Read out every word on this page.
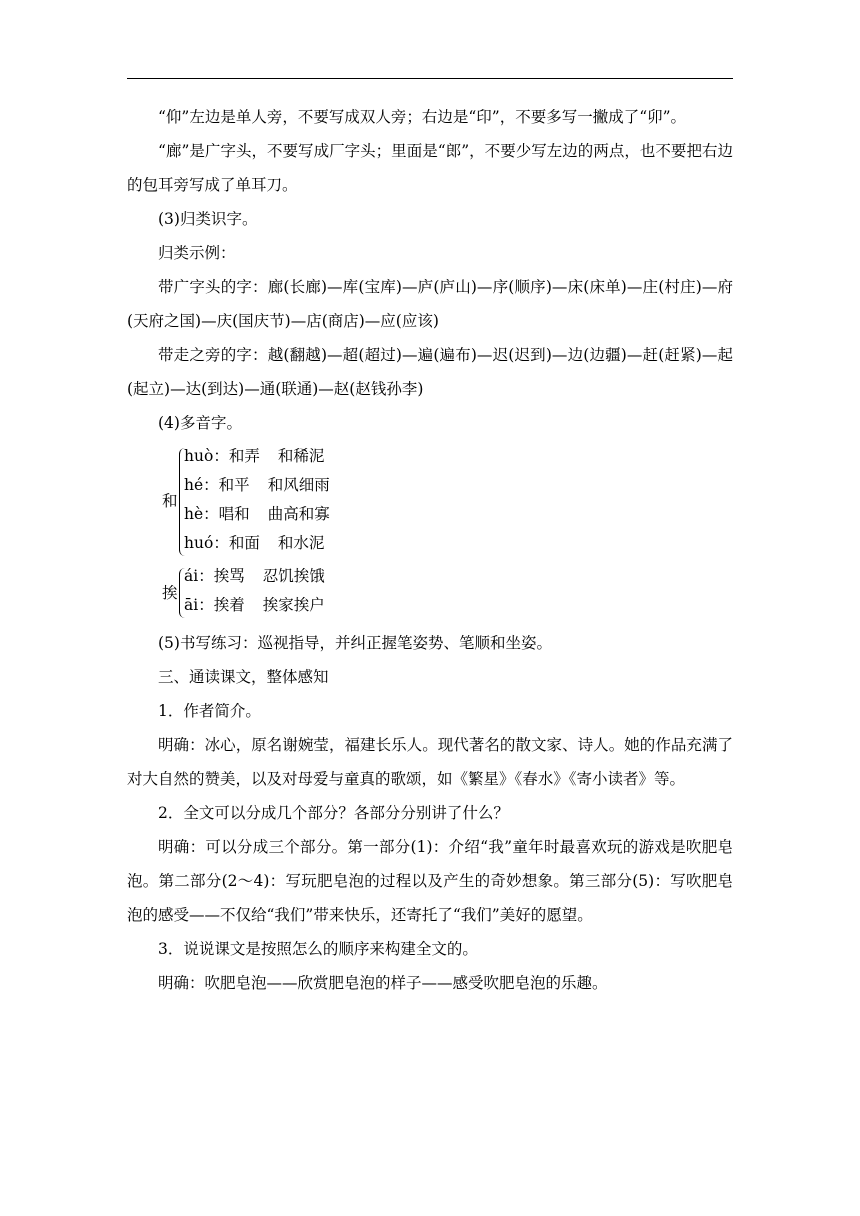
“仰”左边是单人旁，不要写成双人旁；右边是“印”，不要多写一撇成了“卯”。

“廊”是广字头，不要写成厂字头；里面是“郎”，不要少写左边的两点，也不要把右边的包耳旁写成了单耳刀。

(3)归类识字。

归类示例：

带广字头的字：廊(长廊)—库(宝库)—庐(庐山)—序(顺序)—床(床单)—庄(村庄)—府(天府之国)—庆(国庆节)—店(商店)—应(应该)

带走之旁的字：越(翻越)—超(超过)—遍(遍布)—迟(迟到)—边(边疆)—赶(赶紧)—起(起立)—达(到达)—通(联通)—赵(赵钱孙李)

(4)多音字。

和
huò：和弄 和稀泥
hé：和平 和风细雨
hè：唱和 曲高和寡
huó：和面 和水泥
挨
ái：挨骂 忍饥挨饿
āi：挨着 挨家挨户

(5)书写练习：巡视指导，并纠正握笔姿势、笔顺和坐姿。

三、通读课文，整体感知

1．作者简介。

明确：冰心，原名谢婉莹，福建长乐人。现代著名的散文家、诗人。她的作品充满了对大自然的赞美，以及对母爱与童真的歌颂，如《繁星》《春水》《寄小读者》等。

2．全文可以分成几个部分？各部分分别讲了什么？

明确：可以分成三个部分。第一部分(1)：介绍“我”童年时最喜欢玩的游戏是吹肥皂泡。第二部分(2～4)：写玩肥皂泡的过程以及产生的奇妙想象。第三部分(5)：写吹肥皂泡的感受——不仅给“我们”带来快乐，还寄托了“我们”美好的愿望。

3．说说课文是按照怎么的顺序来构建全文的。

明确：吹肥皂泡——欣赏肥皂泡的样子——感受吹肥皂泡的乐趣。
